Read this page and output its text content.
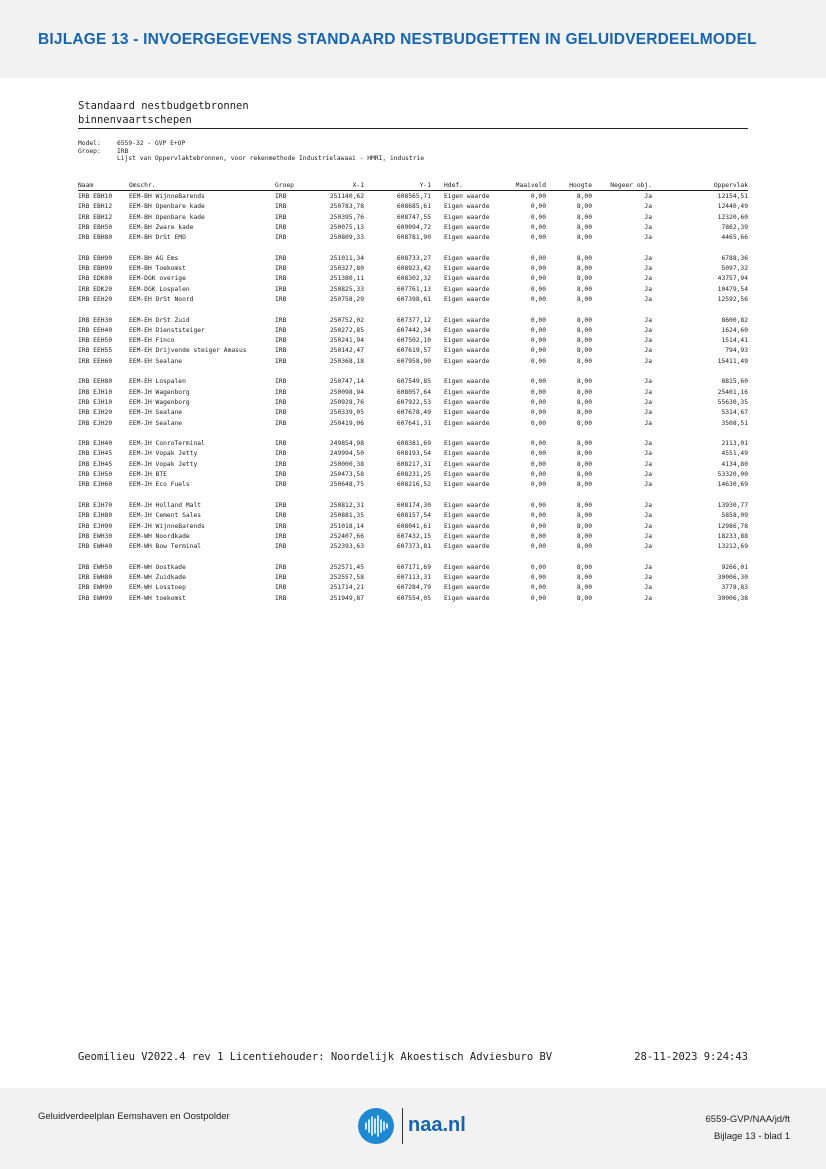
BIJLAGE 13 - INVOERGEGEVENS STANDAARD NESTBUDGETTEN IN GELUIDVERDEELMODEL
Standaard nestbudgetbronnen
binnenvaartschepen
Model:	6559-32 - GVP E+OP
Groep:	IRB
Lijst van Oppervlaktebronnen, voor rekenmethode Industrielawaai - HMRI, industrie
Naam	Omschr.	Groep	X-1	Y-1 Hdef.	Maaiveld	Hoogte	Negeer obj.	Oppervlak
IRB EBH10	EEM-BH WijnneBarends	IRB	251140,62	608565,71 Eigen waarde	0,00	8,00	Ja	12154,51
IRB EBH12	EEM-BH Openbare kade	IRB	250783,78	608685,61 Eigen waarde	0,00	8,00	Ja	12440,49
IRB EBH12	EEM-BH Openbare kade	IRB	250395,76	608747,55 Eigen waarde	0,00	8,00	Ja	12320,60
IRB EBH50	EEM-BH Zware kade	IRB	250075,13	609094,72 Eigen waarde	0,00	8,00	Ja	7862,39
IRB EBH80	EEM-BH DrSt EMO	IRB	250809,33	608781,90 Eigen waarde	0,00	8,00	Ja	4465,66
IRB EBH90	EEM-BH AG Ems	IRB	251011,34	608733,27 Eigen waarde	0,00	8,00	Ja	6788,36
IRB EBH99	EEM-BH Toekomst	IRB	250327,80	608923,42 Eigen waarde	0,00	8,00	Ja	5097,32
IRB EDK00	EEM-DGK overige	IRB	251380,11	608302,32 Eigen waarde	0,00	8,00	Ja	43757,94
IRB EDK20	EEM-DGK Lospalen	IRB	250825,33	607761,13 Eigen waarde	0,00	8,00	Ja	10479,54
IRB EEH20	EEM-EH DrSt Noord	IRB	250758,29	607398,61 Eigen waarde	0,00	8,00	Ja	12592,56
IRB EEH30	EEM-EH DrSt Zuid	IRB	250752,02	607377,12 Eigen waarde	0,00	8,00	Ja	8600,82
IRB EEH40	EEM-EH Dienststeiger	IRB	250272,85	607442,34 Eigen waarde	0,00	8,00	Ja	1624,60
IRB EEH50	EEM-EH Finco	IRB	250241,94	607502,10 Eigen waarde	0,00	8,00	Ja	1514,41
IRB EEH55	EEM-EH Drijvende steiger Amasus	IRB	250142,47	607619,57 Eigen waarde	0,00	8,00	Ja	794,93
IRB EEH60	EEM-EH Sealane	IRB	250368,18	607958,90 Eigen waarde	0,00	8,00	Ja	15411,49
IRB EEH80	EEM-EH Lospalen	IRB	250747,14	607549,85 Eigen waarde	0,00	8,00	Ja	8815,60
IRB EJH10	EEM-JH Wagenborg	IRB	250098,94	608057,64 Eigen waarde	0,00	8,00	Ja	25401,16
IRB EJH10	EEM-JH Wagenborg	IRB	250928,76	607922,53 Eigen waarde	0,00	8,00	Ja	55630,35
IRB EJH20	EEM-JH Sealane	IRB	250339,05	607678,49 Eigen waarde	0,00	8,00	Ja	5314,67
IRB EJH20	EEM-JH Sealane	IRB	250419,06	607641,31 Eigen waarde	0,00	8,00	Ja	3508,51
IRB EJH40	EEM-JH ConroTerminal	IRB	249854,98	608381,69 Eigen waarde	0,00	8,00	Ja	2113,01
IRB EJH45	EEM-JH Vopak Jetty	IRB	249994,50	608193,54 Eigen waarde	0,00	8,00	Ja	4551,49
IRB EJH45	EEM-JH Vopak Jetty	IRB	250000,38	608217,31 Eigen waarde	0,00	8,00	Ja	4134,80
IRB EJH50	EEM-JH BTE	IRB	250473,58	608231,25 Eigen waarde	0,00	8,00	Ja	53320,00
IRB EJH60	EEM-JH Eco Fuels	IRB	250648,75	608216,52 Eigen waarde	0,00	8,00	Ja	14630,69
IRB EJH70	EEM-JH Holland Malt	IRB	250812,31	608174,30 Eigen waarde	0,00	8,00	Ja	13930,77
IRB EJH80	EEM-JH Cement Sales	IRB	250881,35	608157,54 Eigen waarde	0,00	8,00	Ja	5858,09
IRB EJH90	EEM-JH WijnneBarends	IRB	251018,14	608041,61 Eigen waarde	0,00	8,00	Ja	12986,78
IRB EWH30	EEM-WH Noordkade	IRB	252407,66	607432,15 Eigen waarde	0,00	8,00	Ja	18233,88
IRB EWH40	EEM-WH Bow Terminal	IRB	252393,63	607373,81 Eigen waarde	0,00	8,00	Ja	13212,69
IRB EWH50	EEM-WH Oostkade	IRB	252571,45	607171,69 Eigen waarde	0,00	8,00	Ja	9266,01
IRB EWH80	EEM-WH Zuidkade	IRB	252557,58	607113,31 Eigen waarde	0,00	8,00	Ja	30006,30
IRB EWH90	EEM-WH Losstoep	IRB	251714,21	607284,79 Eigen waarde	0,00	8,00	Ja	3778,83
IRB EWH99	EEM-WH toekomst	IRB	251949,87	607554,05 Eigen waarde	0,00	8,00	Ja	30006,38
Geomilieu V2022.4 rev 1 Licentiehouder: Noordelijk Akoestisch Adviesburo BV	28-11-2023 9:24:43
Geluidverdeelplan Eemshaven en Oostpolder	naa.nl	6559-GVP/NAA/jd/ft
Bijlage 13 - blad 1
